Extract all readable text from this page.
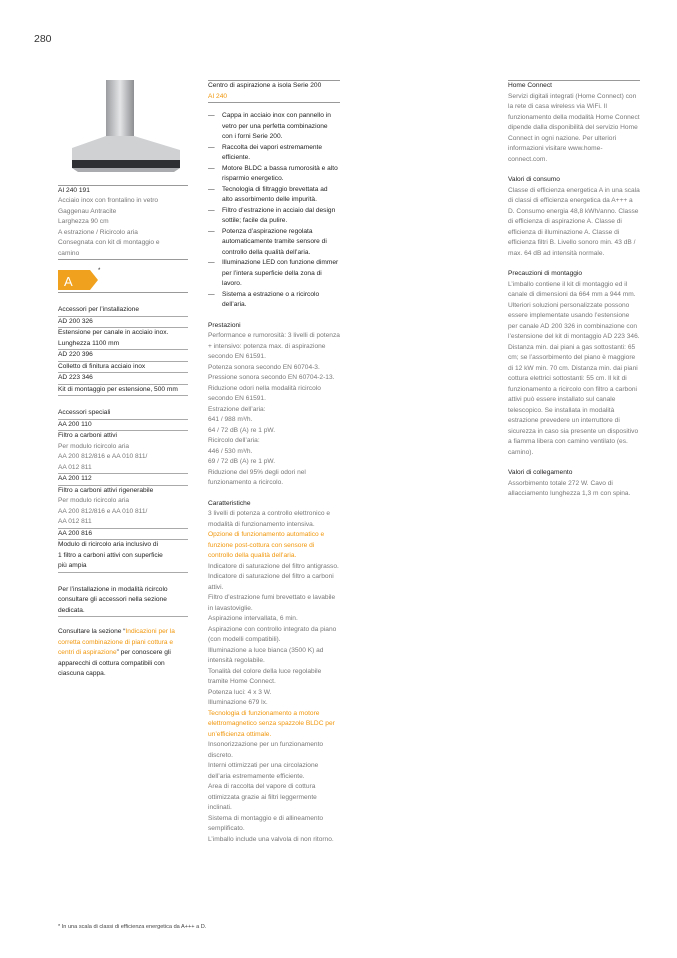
280
AI 240 191
Acciaio inox con frontalino in vetro
Gaggenau Antracite
Larghezza 90 cm
A estrazione / Ricircolo aria
Consegnata con kit di montaggio e
camino
A
*
Accessori per l’installazione
AD 200 326
Estensione per canale in acciaio inox.
Lunghezza 1100 mm
AD 220 396
Colletto di finitura acciaio inox
AD 223 346
Kit di montaggio per estensione, 500 mm
Accessori speciali
AA 200 110
Filtro a carboni attivi
Per modulo ricircolo aria
AA 200 812/816 e AA 010 811/
AA 012 811
AA 200 112
Filtro a carboni attivi rigenerabile
Per modulo ricircolo aria
AA 200 812/816 e AA 010 811/
AA 012 811
AA 200 816
Modulo di ricircolo aria inclusivo di
1 filtro a carboni attivi con superficie
più ampia
Per l’installazione in modalità ricircolo consultare gli accessori nella sezione dedicata.
Consultare la sezione “Indicazioni per la corretta combinazione di piani cottura e centri di aspirazione” per conoscere gli apparecchi di cottura compatibili con ciascuna cappa.
Centro di aspirazione a isola Serie 200
AI 240
— Cappa in acciaio inox con pannello in vetro per una perfetta combinazione con i forni Serie 200.
— Raccolta dei vapori estremamente efficiente.
— Motore BLDC a bassa rumorosità e alto risparmio energetico.
— Tecnologia di filtraggio brevettata ad alto assorbimento delle impurità.
— Filtro d’estrazione in acciaio dal design sottile; facile da pulire.
— Potenza d’aspirazione regolata automaticamente tramite sensore di controllo della qualità dell’aria.
— Illuminazione LED con funzione dimmer per l’intera superficie della zona di lavoro.
— Sistema a estrazione o a ricircolo dell’aria.
Prestazioni
Performance e rumorosità: 3 livelli di potenza + intensivo: potenza max. di aspirazione secondo EN 61591.
Potenza sonora secondo EN 60704-3.
Pressione sonora secondo EN 60704-2-13. Riduzione odori nella modalità ricircolo secondo EN 61591.
Estrazione dell’aria:
641 / 988 m³/h.
64 / 72 dB (A) re 1 pW.
Ricircolo dell’aria:
446 / 530 m³/h.
69 / 72 dB (A) re 1 pW.
Riduzione del 95% degli odori nel funzionamento a ricircolo.
Caratteristiche
3 livelli di potenza a controllo elettronico e modalità di funzionamento intensiva.
Opzione di funzionamento automatico e funzione post-cottura con sensore di controllo della qualità dell’aria.
Indicatore di saturazione del filtro antigrasso.
Indicatore di saturazione del filtro a carboni attivi.
Filtro d’estrazione fumi brevettato e lavabile in lavastoviglie.
Aspirazione intervallata, 6 min.
Aspirazione con controllo integrato da piano (con modelli compatibili).
Illuminazione a luce bianca (3500 K) ad intensità regolabile.
Tonalità del colore della luce regolabile tramite Home Connect.
Potenza luci: 4 x 3 W.
Illuminazione 679 lx.
Tecnologia di funzionamento a motore elettromagnetico senza spazzole BLDC per un’efficienza ottimale.
Insonorizzazione per un funzionamento discreto.
Interni ottimizzati per una circolazione dell’aria estremamente efficiente.
Area di raccolta del vapore di cottura ottimizzata grazie ai filtri leggermente inclinati.
Sistema di montaggio e di allineamento semplificato.
L’imballo include una valvola di non ritorno.
Home Connect
Servizi digitali integrati (Home Connect) con la rete di casa wireless via WiFi. Il funzionamento della modalità Home Connect dipende dalla disponibilità del servizio Home Connect in ogni nazione. Per ulteriori informazioni visitare www.home-connect.com.
Valori di consumo
Classe di efficienza energetica A in una scala di classi di efficienza energetica da A+++ a D. Consumo energia 48,8 kWh/anno. Classe di efficienza di aspirazione A. Classe di efficienza di illuminazione A. Classe di efficienza filtri B. Livello sonoro min. 43 dB / max. 64 dB ad intensità normale.
Precauzioni di montaggio
L’imballo contiene il kit di montaggio ed il canale di dimensioni da 664 mm a 944 mm. Ulteriori soluzioni personalizzate possono essere implementate usando l’estensione per canale AD 200 326 in combinazione con l’estensione del kit di montaggio AD 223 346. Distanza min. dai piani a gas sottostanti: 65 cm; se l’assorbimento del piano è maggiore di 12 kW min. 70 cm. Distanza min. dai piani cottura elettrici sottostanti: 55 cm. Il kit di funzionamento a ricircolo con filtro a carboni attivi può essere installato sul canale telescopico. Se installata in modalità estrazione prevedere un interruttore di sicurezza in caso sia presente un dispositivo a fiamma libera con camino ventilato (es. camino).
Valori di collegamento
Assorbimento totale 272 W. Cavo di allacciamento lunghezza 1,3 m con spina.
* In una scala di classi di efficienza energetica da A+++ a D.
